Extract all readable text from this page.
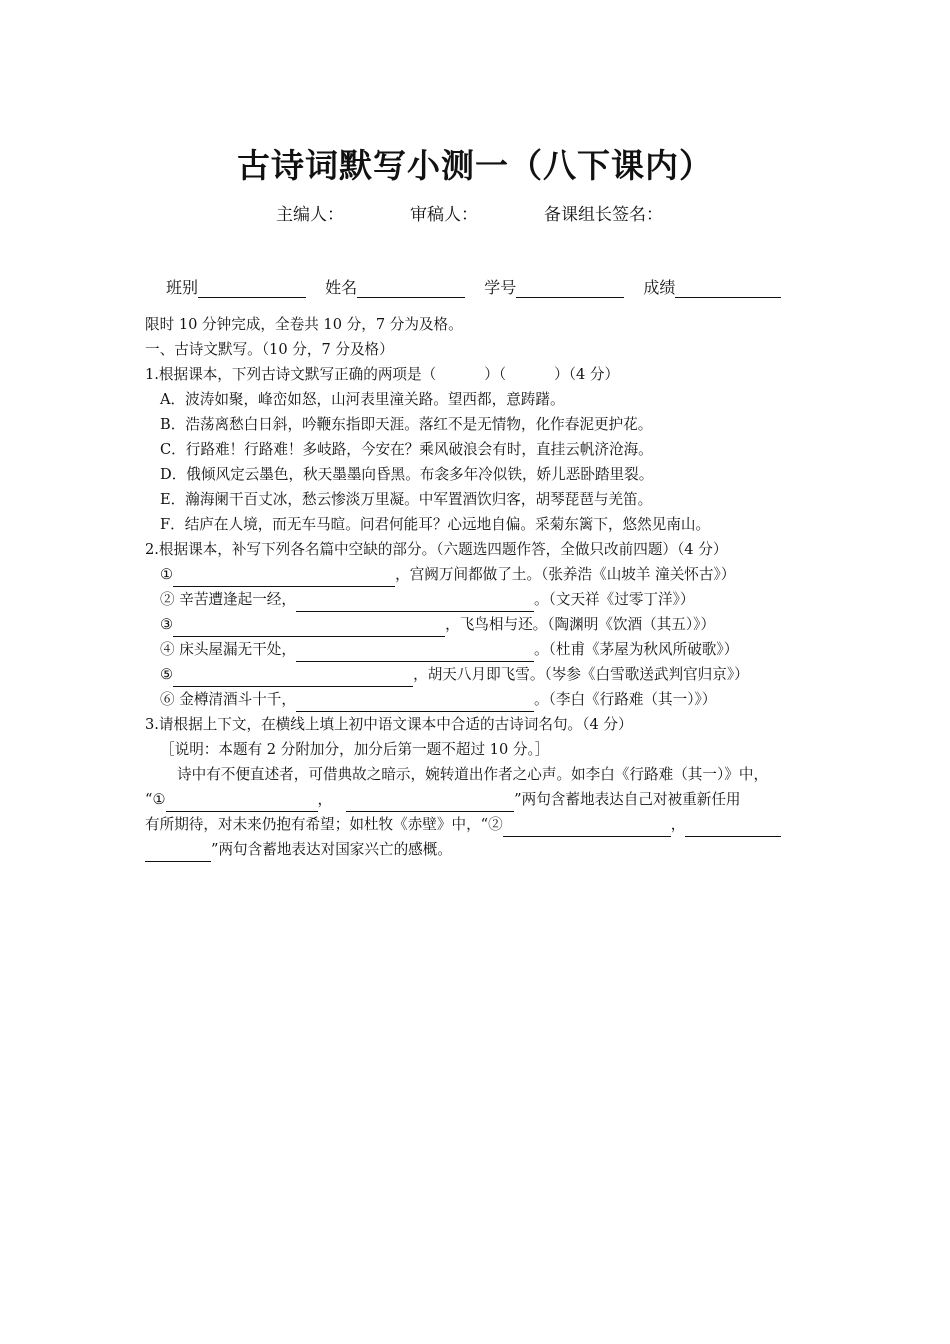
古诗词默写小测一（八下课内）
主编人：	审稿人：	备课组长签名：
班别	姓名	学号	成绩
限时 10 分钟完成，全卷共 10 分，7 分为及格。
一、古诗文默写。（10 分，7 分及格）
1.根据课本，下列古诗文默写正确的两项是（	）（	）（4 分）
A．波涛如聚，峰峦如怒，山河表里潼关路。望西都，意踌躇。
B．浩荡离愁白日斜，吟鞭东指即天涯。落红不是无情物，化作春泥更护花。
C．行路难！行路难！多岐路，今安在？乘风破浪会有时，直挂云帆济沧海。
D．俄倾风定云墨色，秋天墨墨向昏黑。布衾多年冷似铁，娇儿恶卧踏里裂。
E．瀚海阑干百丈冰，愁云惨淡万里凝。中军置酒饮归客，胡琴琵琶与羌笛。
F．结庐在人境，而无车马暄。问君何能耳？心远地自偏。采菊东篱下，悠然见南山。
2.根据课本，补写下列各名篇中空缺的部分。（六题选四题作答，全做只改前四题）（4 分）
①	，宫阙万间都做了土。（张养浩《山坡羊 潼关怀古》）
② 辛苦遭逢起一经，	。（文天祥《过零丁洋》）
③	，飞鸟相与还。（陶渊明《饮酒（其五）》）
④ 床头屋漏无干处，	。（杜甫《茅屋为秋风所破歌》）
⑤	，胡天八月即飞雪。（岑参《白雪歌送武判官归京》）
⑥ 金樽清酒斗十千，	。（李白《行路难（其一）》）
3.请根据上下文，在横线上填上初中语文课本中合适的古诗词名句。（4 分）
［说明：本题有 2 分附加分，加分后第一题不超过 10 分。］
诗中有不便直述者，可借典故之暗示，婉转道出作者之心声。如李白《行路难（其一）》中，
“①	，	”两句含蓄地表达自己对被重新任用
有所期待，对未来仍抱有希望；如杜牧《赤壁》中，“②	，
”两句含蓄地表达对国家兴亡的感概。
